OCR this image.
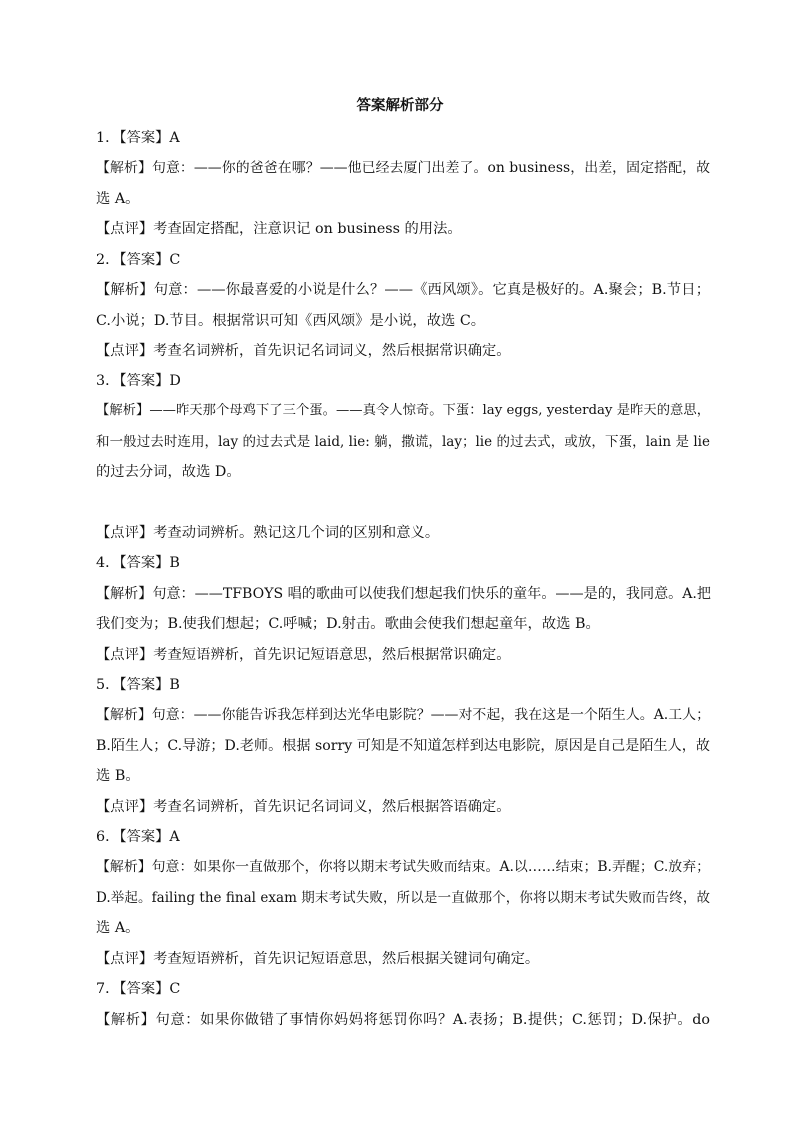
答案解析部分
1．【答案】A
【解析】句意：——你的爸爸在哪？——他已经去厦门出差了。on business，出差，固定搭配，故
选 A。
【点评】考查固定搭配，注意识记 on business 的用法。
2．【答案】C
【解析】句意：——你最喜爱的小说是什么？——《西风颂》。它真是极好的。A.聚会；B.节日；
C.小说；D.节目。根据常识可知《西风颂》是小说，故选 C。
【点评】考查名词辨析，首先识记名词词义，然后根据常识确定。
3．【答案】D
【解析】——昨天那个母鸡下了三个蛋。——真令人惊奇。下蛋：lay eggs, yesterday 是昨天的意思，
和一般过去时连用，lay 的过去式是 laid, lie: 躺，撒谎，lay；lie 的过去式，或放，下蛋，lain 是 lie
的过去分词，故选 D。
【点评】考查动词辨析。熟记这几个词的区别和意义。
4．【答案】B
【解析】句意：——TFBOYS 唱的歌曲可以使我们想起我们快乐的童年。——是的，我同意。A.把
我们变为；B.使我们想起；C.呼喊；D.射击。歌曲会使我们想起童年，故选 B。
【点评】考查短语辨析，首先识记短语意思，然后根据常识确定。
5．【答案】B
【解析】句意：——你能告诉我怎样到达光华电影院？——对不起，我在这是一个陌生人。A.工人；
B.陌生人；C.导游；D.老师。根据 sorry 可知是不知道怎样到达电影院，原因是自己是陌生人，故
选 B。
【点评】考查名词辨析，首先识记名词词义，然后根据答语确定。
6．【答案】A
【解析】句意：如果你一直做那个，你将以期末考试失败而结束。A.以……结束；B.弄醒；C.放弃；
D.举起。failing the final exam 期末考试失败，所以是一直做那个，你将以期末考试失败而告终，故
选 A。
【点评】考查短语辨析，首先识记短语意思，然后根据关键词句确定。
7．【答案】C
【解析】句意：如果你做错了事情你妈妈将惩罚你吗？A.表扬；B.提供；C.惩罚；D.保护。do
